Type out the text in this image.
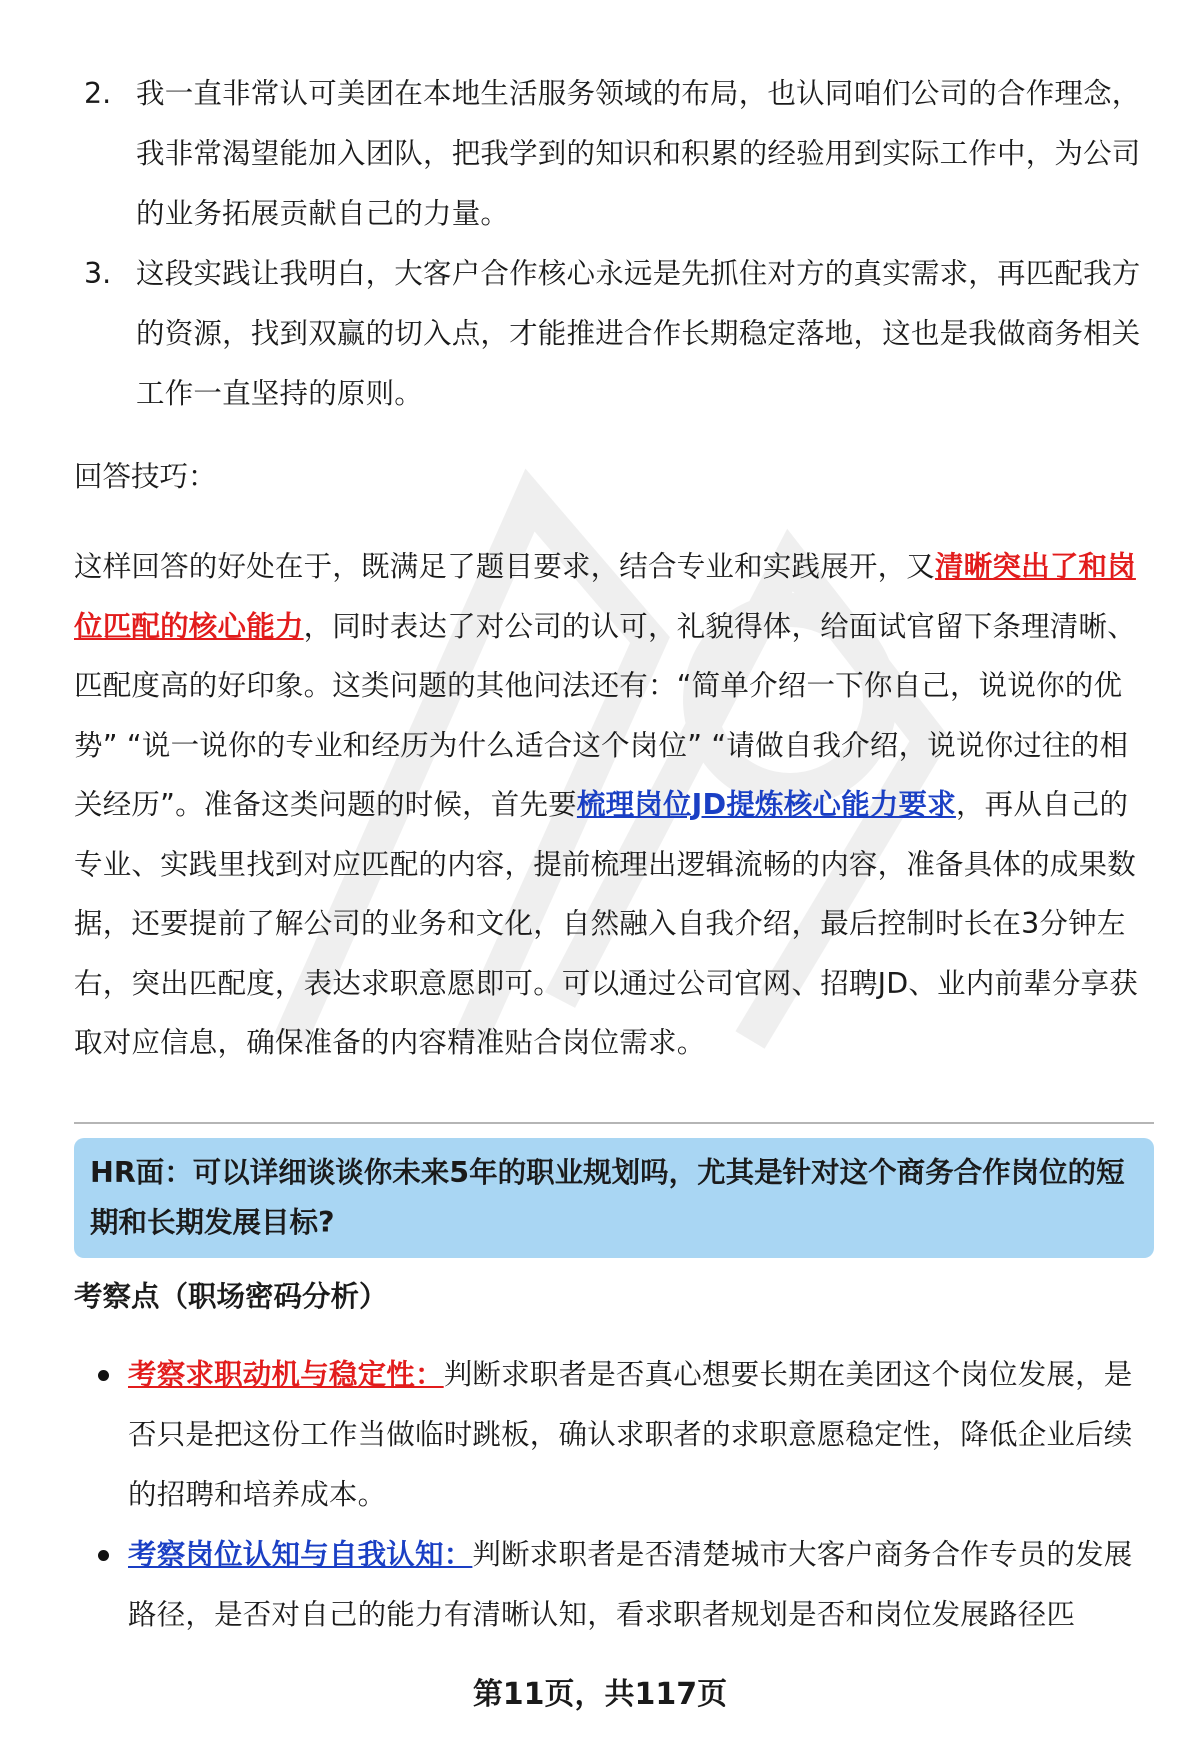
2. 我一直非常认可美团在本地生活服务领域的布局，也认同咱们公司的合作理念，我非常渴望能加入团队，把我学到的知识和积累的经验用到实际工作中，为公司的业务拓展贡献自己的力量。
3. 这段实践让我明白，大客户合作核心永远是先抓住对方的真实需求，再匹配我方的资源，找到双赢的切入点，才能推进合作长期稳定落地，这也是我做商务相关工作一直坚持的原则。
回答技巧：
这样回答的好处在于，既满足了题目要求，结合专业和实践展开，又清晰突出了和岗位匹配的核心能力，同时表达了对公司的认可，礼貌得体，给面试官留下条理清晰、匹配度高的好印象。这类问题的其他问法还有：“简单介绍一下你自己，说说你的优势” “说一说你的专业和经历为什么适合这个岗位” “请做自我介绍，说说你过往的相关经历”。准备这类问题的时候，首先要梳理岗位JD提炼核心能力要求，再从自己的专业、实践里找到对应匹配的内容，提前梳理出逻辑流畅的内容，准备具体的成果数据，还要提前了解公司的业务和文化，自然融入自我介绍，最后控制时长在3分钟左右，突出匹配度，表达求职意愿即可。可以通过公司官网、招聘JD、业内前辈分享获取对应信息，确保准备的内容精准贴合岗位需求。
HR面：可以详细谈谈你未来5年的职业规划吗，尤其是针对这个商务合作岗位的短期和长期发展目标?
考察点（职场密码分析）
考察求职动机与稳定性：判断求职者是否真心想要长期在美团这个岗位发展，是否只是把这份工作当做临时跳板，确认求职者的求职意愿稳定性，降低企业后续的招聘和培养成本。
考察岗位认知与自我认知：判断求职者是否清楚城市大客户商务合作专员的发展路径，是否对自己的能力有清晰认知，看求职者规划是否和岗位发展路径匹
第11页，共117页
